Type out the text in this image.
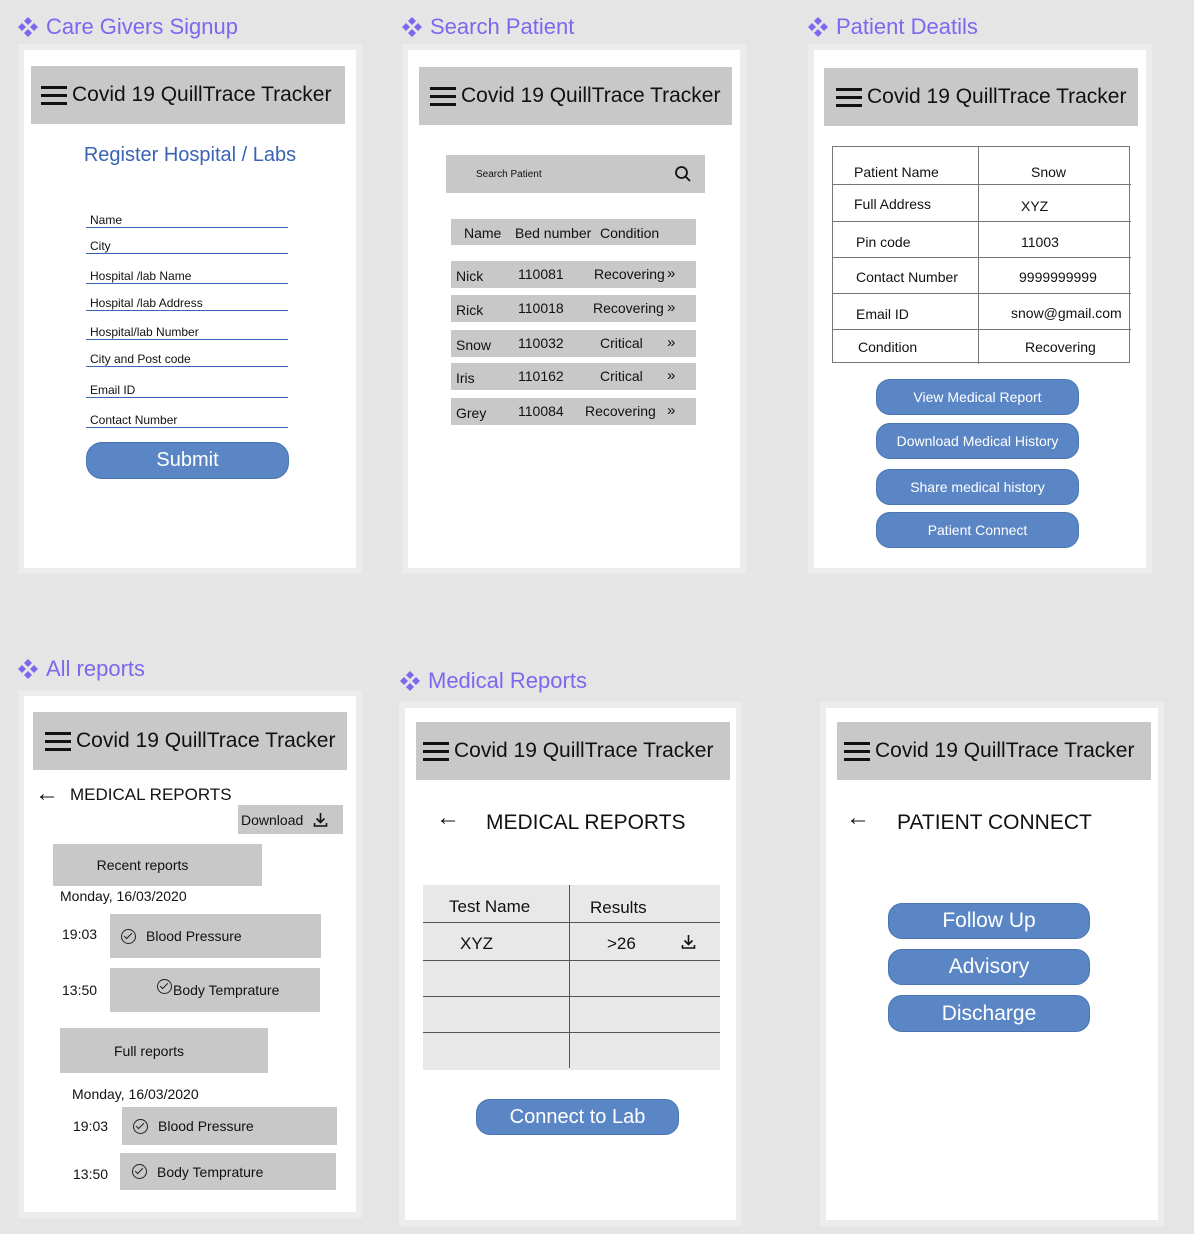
Care Givers Signup	Search Patient	Patient Deatils
All reports	Medical Reports
Covid 19 QuillTrace Tracker
Register Hospital / Labs
Name
City
Hospital /lab Name
Hospital /lab Address
Hospital/lab Number
City and Post code
Email ID
Contact Number
Submit
Covid 19 QuillTrace Tracker
Search Patient
Name Bed number Condition
Nick 110081 Recovering »
Rick 110018 Recovering »
Snow 110032	Critical »
Iris	110162	Critical »
Grey 110084 Recovering »
Covid 19 QuillTrace Tracker
Patient Name	Snow
Full Address	XYZ
Pin code	11003
Contact Number	9999999999
Email ID	snow@gmail.com
Condition	Recovering
View Medical Report
Download Medical History
Share medical history
Patient Connect
Covid 19 QuillTrace Tracker
← MEDICAL REPORTS
Download
Recent reports
Monday, 16/03/2020
19:03	Blood Pressure
13:50	Body Temprature
Full reports
Monday, 16/03/2020
19:03	Blood Pressure
13:50	Body Temprature
Covid 19 QuillTrace Tracker
← MEDICAL REPORTS
Test Name	Results
XYZ	>26
Connect to Lab
Covid 19 QuillTrace Tracker
← PATIENT CONNECT
Follow Up
Advisory
Discharge
